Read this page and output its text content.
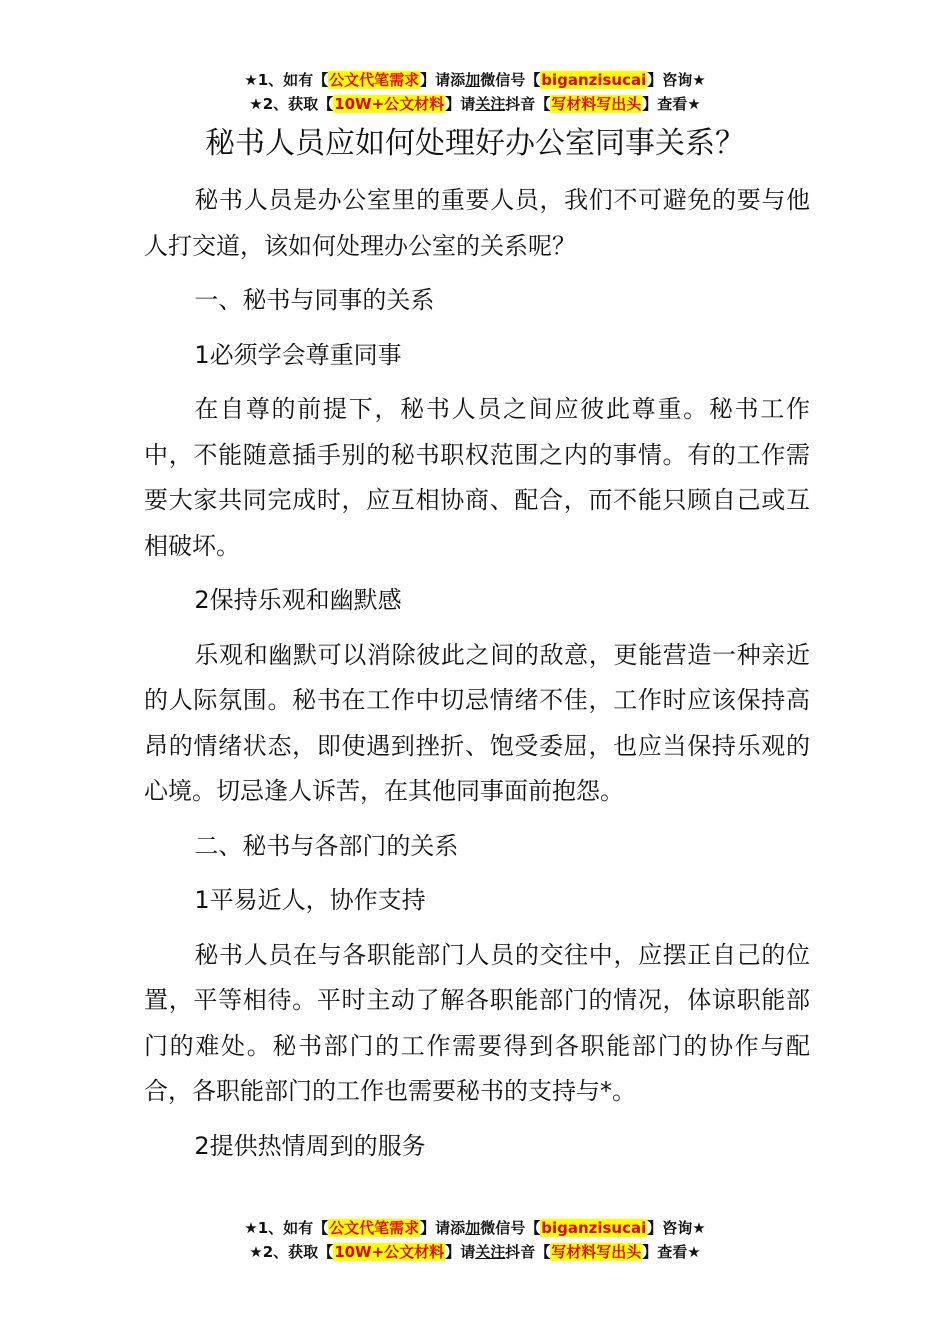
★1、如有【公文代笔需求】请添加微信号【biganzisucai】咨询★
★2、获取【10W+公文材料】请关注抖音【写材料写出头】查看★
秘书人员应如何处理好办公室同事关系？

秘书人员是办公室里的重要人员，我们不可避免的要与他人打交道，该如何处理办公室的关系呢？

一、秘书与同事的关系

1必须学会尊重同事

在自尊的前提下，秘书人员之间应彼此尊重。秘书工作中，不能随意插手别的秘书职权范围之内的事情。有的工作需要大家共同完成时，应互相协商、配合，而不能只顾自己或互相破坏。

2保持乐观和幽默感

乐观和幽默可以消除彼此之间的敌意，更能营造一种亲近的人际氛围。秘书在工作中切忌情绪不佳，工作时应该保持高昂的情绪状态，即使遇到挫折、饱受委屈，也应当保持乐观的心境。切忌逢人诉苦，在其他同事面前抱怨。

二、秘书与各部门的关系

1平易近人，协作支持

秘书人员在与各职能部门人员的交往中，应摆正自己的位置，平等相待。平时主动了解各职能部门的情况，体谅职能部门的难处。秘书部门的工作需要得到各职能部门的协作与配合，各职能部门的工作也需要秘书的支持与*。

2提供热情周到的服务

★1、如有【公文代笔需求】请添加微信号【biganzisucai】咨询★
★2、获取【10W+公文材料】请关注抖音【写材料写出头】查看★
